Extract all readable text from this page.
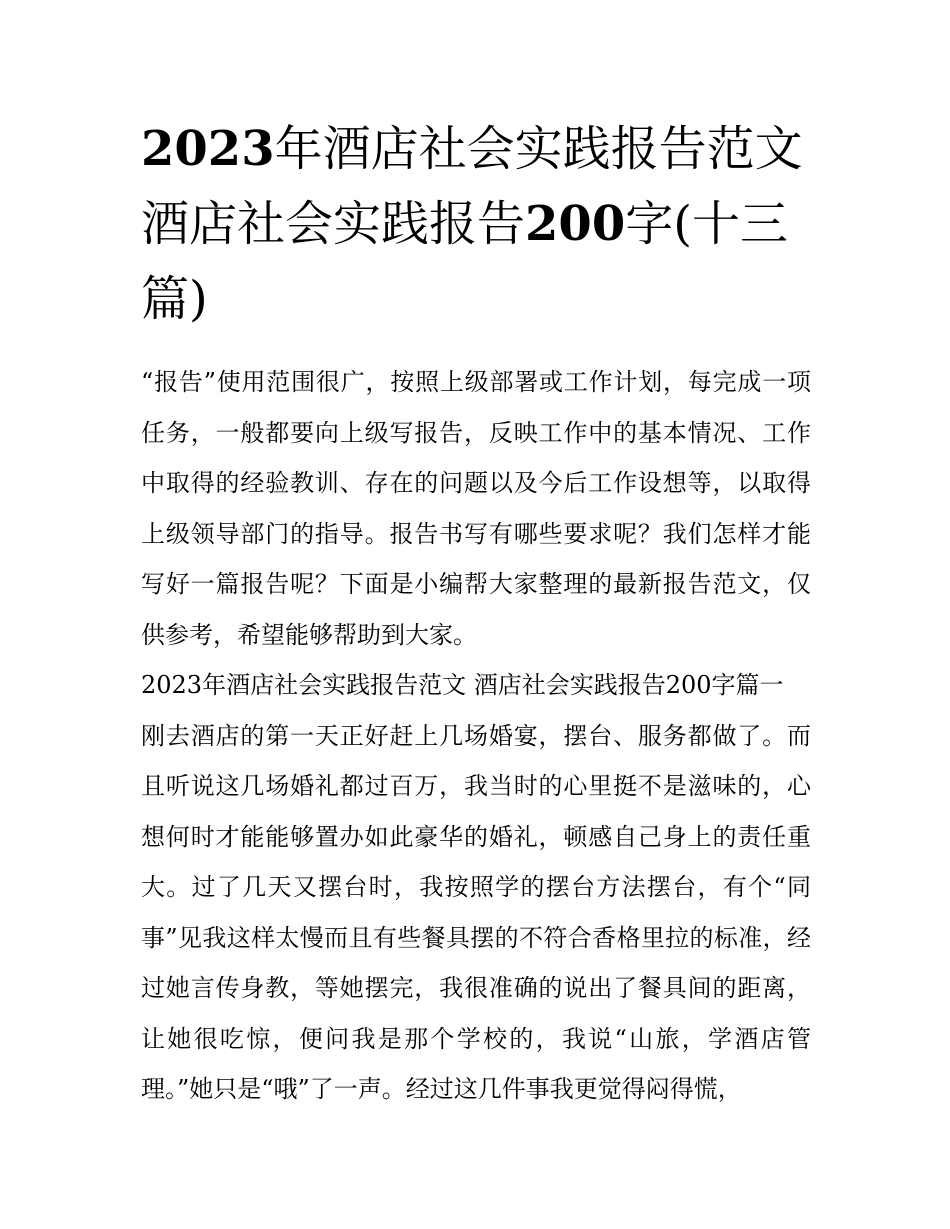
2023年酒店社会实践报告范文酒店社会实践报告200字(十三篇)

“报告”使用范围很广，按照上级部署或工作计划，每完成一项任务，一般都要向上级写报告，反映工作中的基本情况、工作中取得的经验教训、存在的问题以及今后工作设想等，以取得上级领导部门的指导。报告书写有哪些要求呢？我们怎样才能写好一篇报告呢？下面是小编帮大家整理的最新报告范文，仅供参考，希望能够帮助到大家。

2023年酒店社会实践报告范文 酒店社会实践报告200字篇一

刚去酒店的第一天正好赶上几场婚宴，摆台、服务都做了。而且听说这几场婚礼都过百万，我当时的心里挺不是滋味的，心想何时才能能够置办如此豪华的婚礼，顿感自己身上的责任重大。过了几天又摆台时，我按照学的摆台方法摆台，有个“同事”见我这样太慢而且有些餐具摆的不符合香格里拉的标准，经过她言传身教，等她摆完，我很准确的说出了餐具间的距离，让她很吃惊，便问我是那个学校的，我说“山旅，学酒店管理。”她只是“哦”了一声。经过这几件事我更觉得闷得慌，
